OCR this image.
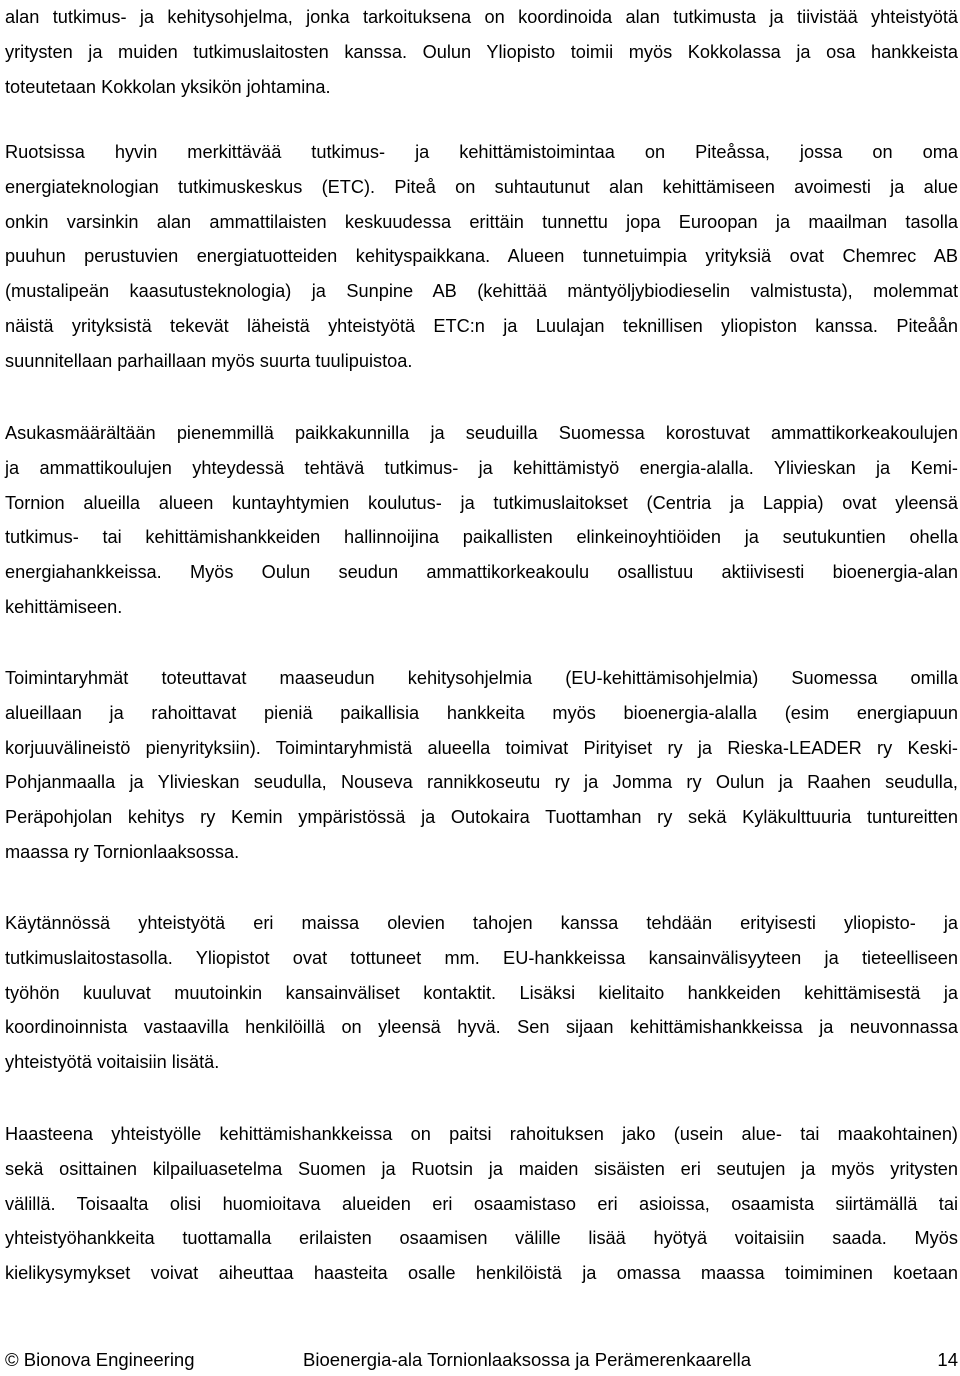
alan tutkimus- ja kehitysohjelma, jonka tarkoituksena on koordinoida alan tutkimusta ja tiivistää yhteistyötä
yritysten ja muiden tutkimuslaitosten kanssa. Oulun Yliopisto toimii myös Kokkolassa ja osa hankkeista
toteutetaan Kokkolan yksikön johtamina.

Ruotsissa hyvin merkittävää tutkimus- ja kehittämistoimintaa on Piteåssa, jossa on oma
energiateknologian tutkimuskeskus (ETC). Piteå on suhtautunut alan kehittämiseen avoimesti ja alue
onkin varsinkin alan ammattilaisten keskuudessa erittäin tunnettu jopa Euroopan ja maailman tasolla
puuhun perustuvien energiatuotteiden kehityspaikkana. Alueen tunnetuimpia yrityksiä ovat Chemrec AB
(mustalipeän kaasutusteknologia) ja Sunpine AB (kehittää mäntyöljybiodieselin valmistusta), molemmat
näistä yrityksistä tekevät läheistä yhteistyötä ETC:n ja Luulajan teknillisen yliopiston kanssa. Piteåån
suunnitellaan parhaillaan myös suurta tuulipuistoa.

Asukasmäärältään pienemmillä paikkakunnilla ja seuduilla Suomessa korostuvat ammattikorkeakoulujen
ja ammattikoulujen yhteydessä tehtävä tutkimus- ja kehittämistyö energia-alalla. Ylivieskan ja Kemi-
Tornion alueilla alueen kuntayhtymien koulutus- ja tutkimuslaitokset (Centria ja Lappia) ovat yleensä
tutkimus- tai kehittämishankkeiden hallinnoijina paikallisten elinkeinoyhtiöiden ja seutukuntien ohella
energiahankkeissa. Myös Oulun seudun ammattikorkeakoulu osallistuu aktiivisesti bioenergia-alan
kehittämiseen.

Toimintaryhmät toteuttavat maaseudun kehitysohjelmia (EU-kehittämisohjelmia) Suomessa omilla
alueillaan ja rahoittavat pieniä paikallisia hankkeita myös bioenergia-alalla (esim energiapuun
korjuuvälineistö pienyrityksiin). Toimintaryhmistä alueella toimivat Pirityiset ry ja Rieska-LEADER ry Keski-
Pohjanmaalla ja Ylivieskan seudulla, Nouseva rannikkoseutu ry ja Jomma ry Oulun ja Raahen seudulla,
Peräpohjolan kehitys ry Kemin ympäristössä ja Outokaira Tuottamhan ry sekä Kyläkulttuuria tuntureitten
maassa ry Tornionlaaksossa.

Käytännössä yhteistyötä eri maissa olevien tahojen kanssa tehdään erityisesti yliopisto- ja
tutkimuslaitostasolla. Yliopistot ovat tottuneet mm. EU-hankkeissa kansainvälisyyteen ja tieteelliseen
työhön kuuluvat muutoinkin kansainväliset kontaktit. Lisäksi kielitaito hankkeiden kehittämisestä ja
koordinoinnista vastaavilla henkilöillä on yleensä hyvä. Sen sijaan kehittämishankkeissa ja neuvonnassa
yhteistyötä voitaisiin lisätä.

Haasteena yhteistyölle kehittämishankkeissa on paitsi rahoituksen jako (usein alue- tai maakohtainen)
sekä osittainen kilpailuasetelma Suomen ja Ruotsin ja maiden sisäisten eri seutujen ja myös yritysten
välillä. Toisaalta olisi huomioitava alueiden eri osaamistaso eri asioissa, osaamista siirtämällä tai
yhteistyöhankkeita tuottamalla erilaisten osaamisen välille lisää hyötyä voitaisiin saada. Myös
kielikysymykset voivat aiheuttaa haasteita osalle henkilöistä ja omassa maassa toimiminen koetaan

© Bionova Engineering	Bioenergia-ala Tornionlaaksossa ja Perämerenkaarella	14
